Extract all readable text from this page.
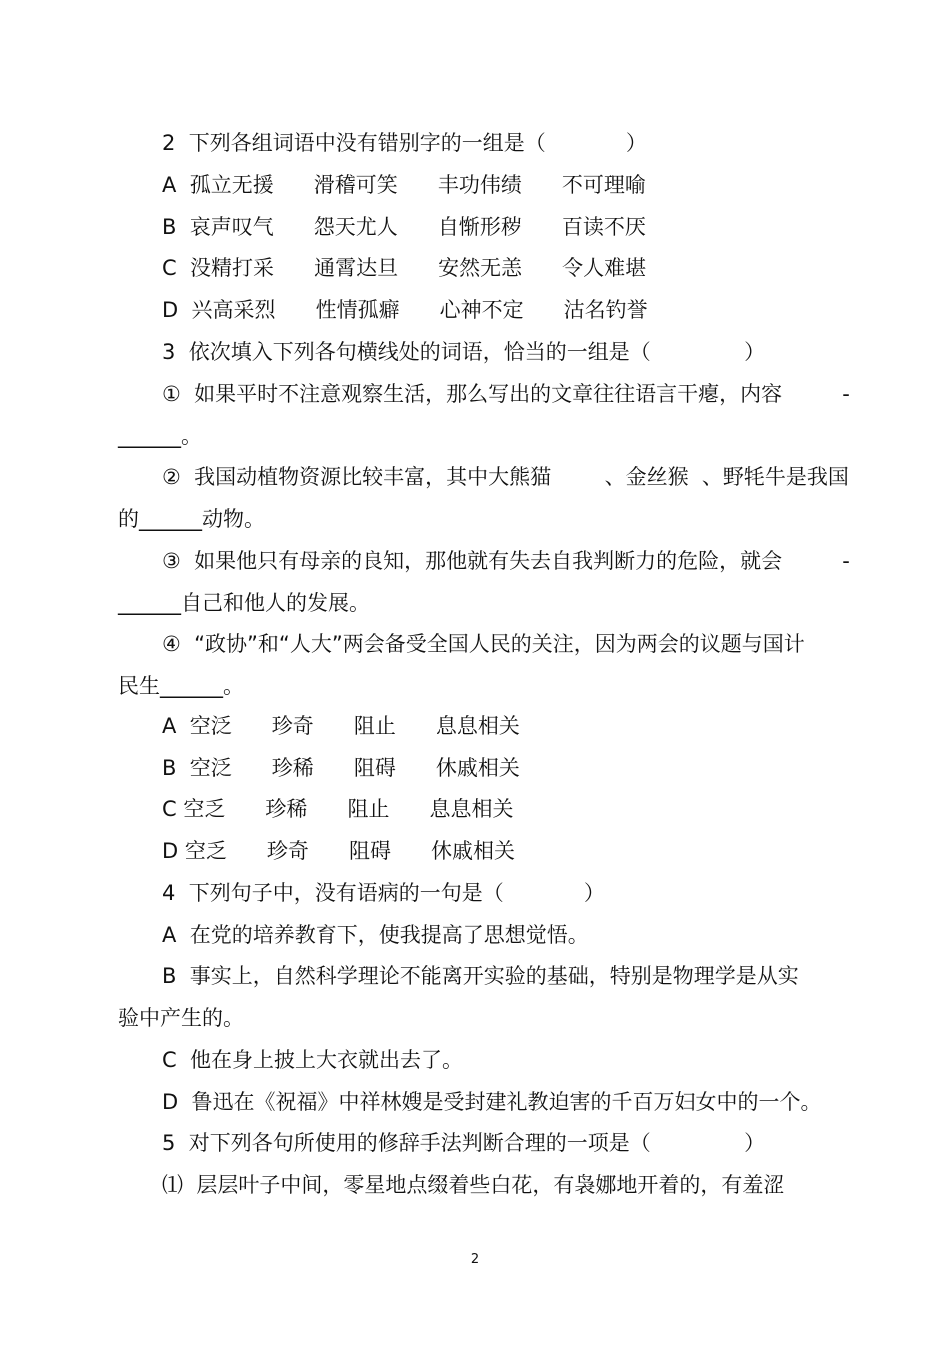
2  下列各组词语中没有错别字的一组是（            ）
A  孤立无援      滑稽可笑      丰功伟绩      不可理喻
B  哀声叹气      怨天尤人      自惭形秽      百读不厌
C  没精打采      通霄达旦      安然无恙      令人难堪
D  兴高采烈      性情孤癖      心神不定      沽名钓誉
3  依次填入下列各句横线处的词语，恰当的一组是（              ）
①  如果平时不注意观察生活，那么写出的文章往往语言干瘪，内容         -
______。
②  我国动植物资源比较丰富，其中大熊猫        、金丝猴  、野牦牛是我国
的______动物。
③  如果他只有母亲的良知，那他就有失去自我判断力的危险，就会         -
______自己和他人的发展。
④  “政协”和“人大”两会备受全国人民的关注，因为两会的议题与国计
民生______。
A  空泛      珍奇      阻止      息息相关
B  空泛      珍稀      阻碍      休戚相关
C 空乏      珍稀      阻止      息息相关
D 空乏      珍奇      阻碍      休戚相关
4  下列句子中，没有语病的一句是（            ）
A  在党的培养教育下，使我提高了思想觉悟。
B  事实上，自然科学理论不能离开实验的基础，特别是物理学是从实
验中产生的。
C  他在身上披上大衣就出去了。
D  鲁迅在《祝福》中祥林嫂是受封建礼教迫害的千百万妇女中的一个。
5  对下列各句所使用的修辞手法判断合理的一项是（              ）
⑴  层层叶子中间，零星地点缀着些白花，有袅娜地开着的，有羞涩
2
